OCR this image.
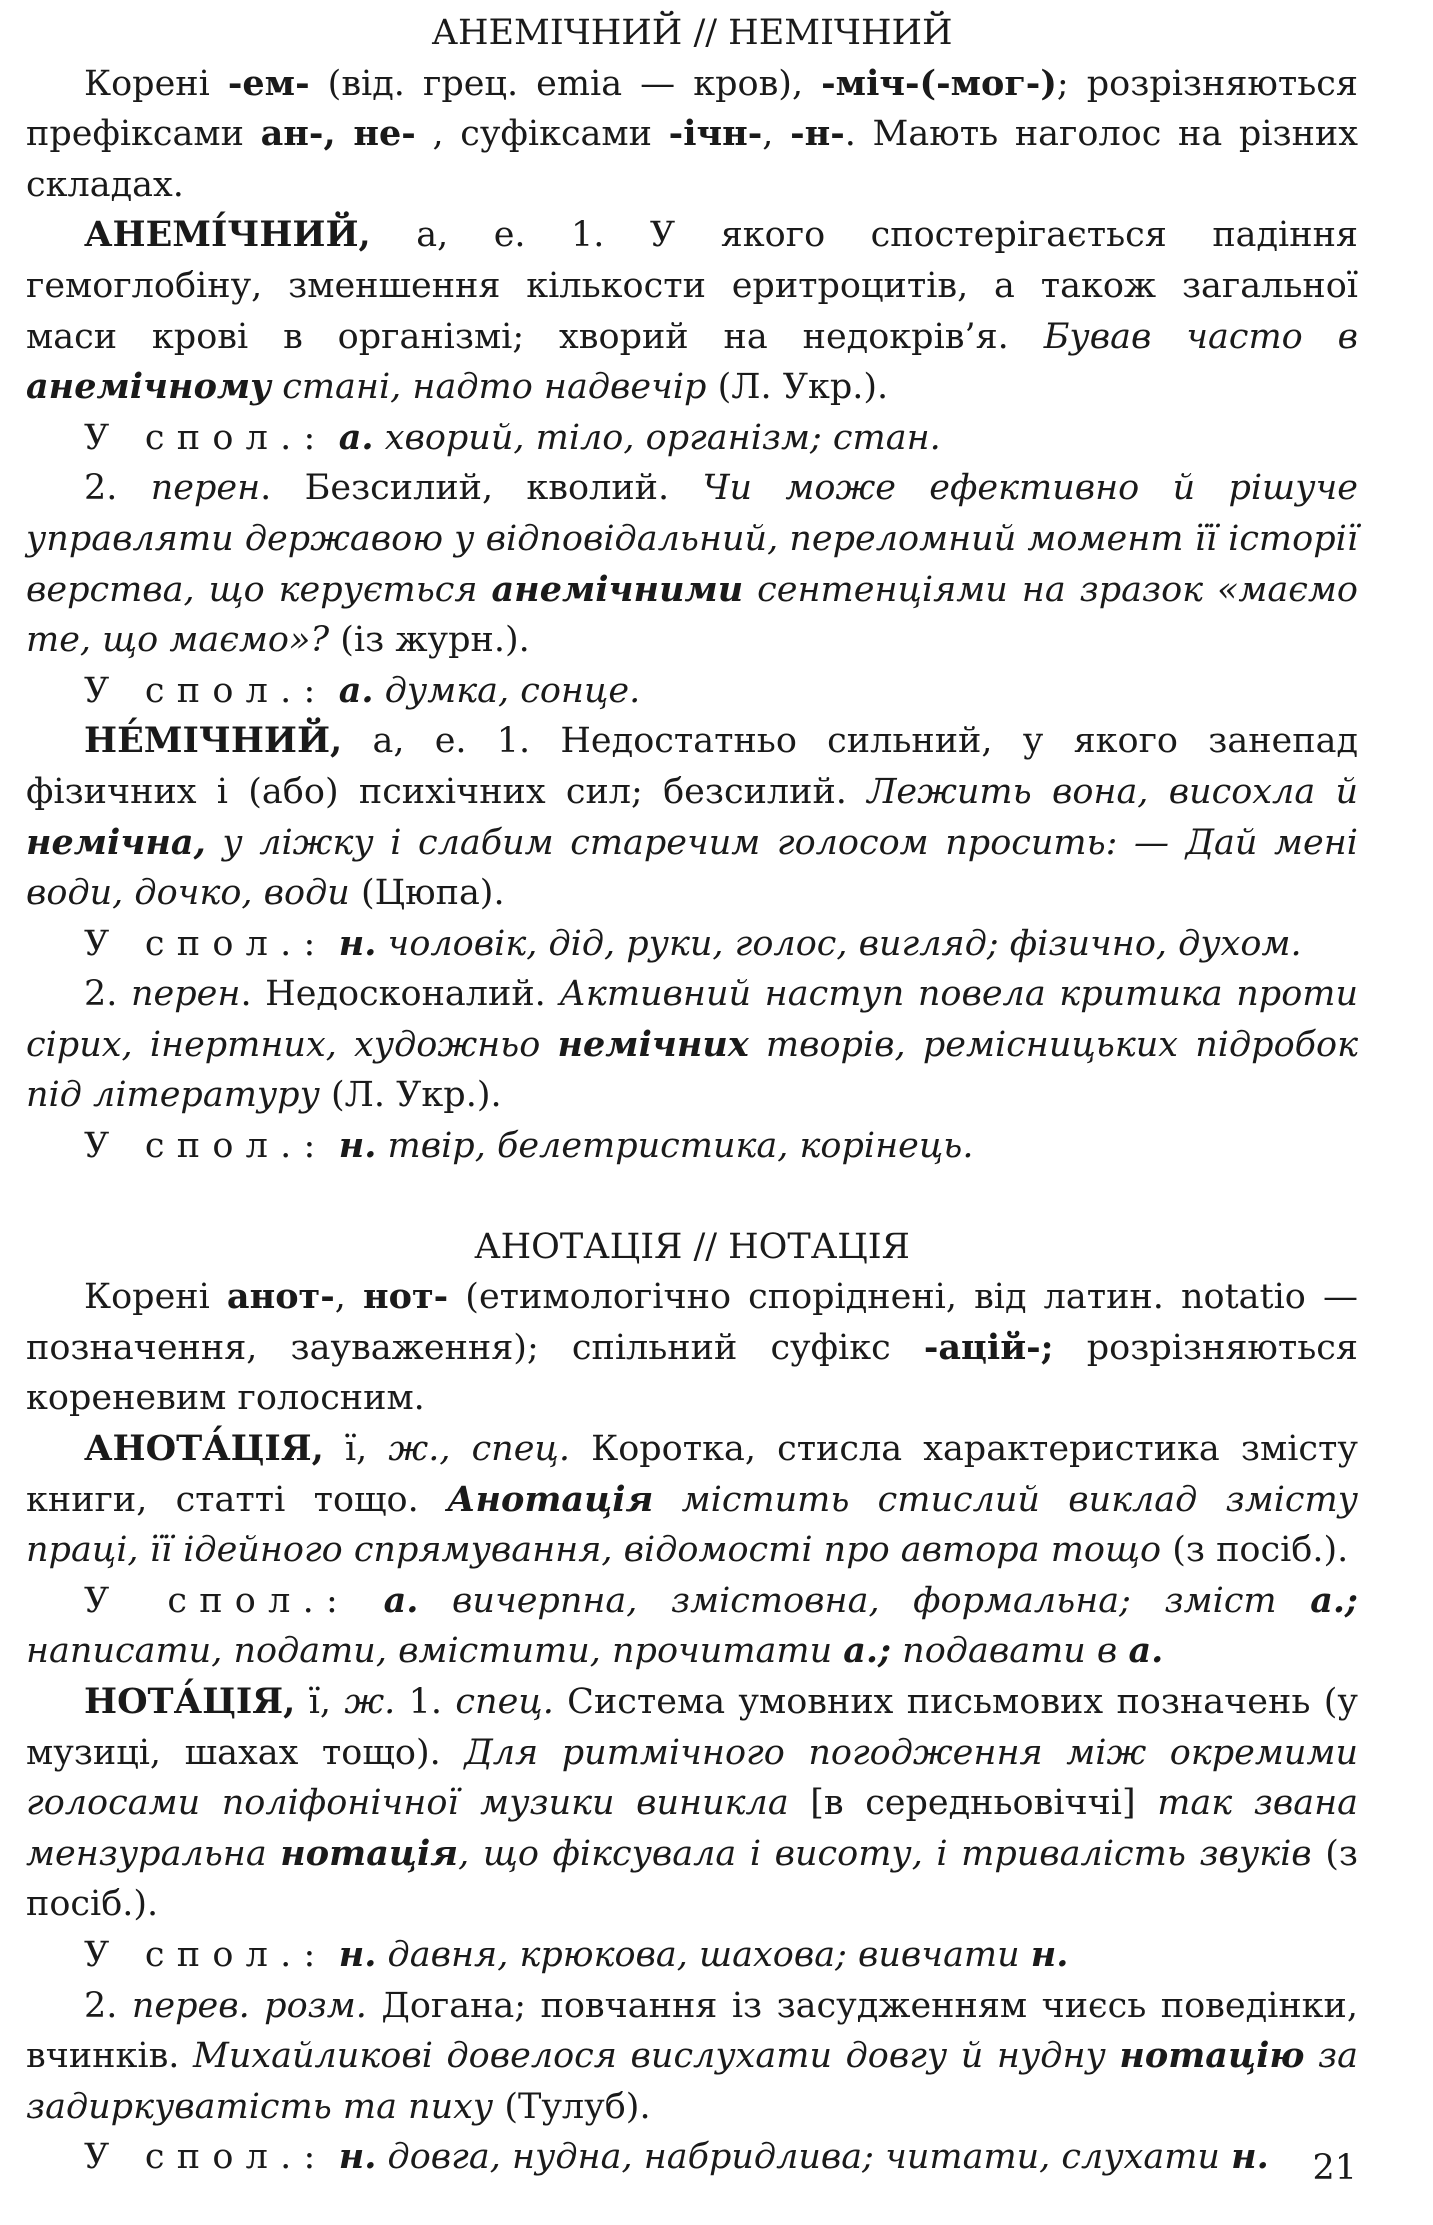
АНЕМІЧНИЙ // НЕМІЧНИЙ

Корені -ем- (від. грец. emia — кров), -міч-(-мог-); розрізняються префіксами ан-, не- , суфіксами -ічн-, -н-. Мають наголос на різних складах.

АНЕМІ́ЧНИЙ, а, е. 1. У якого спостерігається падіння гемоглобіну, зменшення кількости еритроцитів, а також загальної маси крові в організмі; хворий на недокрів’я. Бував часто в анемічному стані, надто надвечір (Л. Укр.).

У спол.: а. хворий, тіло, організм; стан.

2. перен. Безсилий, кволий. Чи може ефективно й рішуче управляти державою у відповідальний, переломний момент її історії верства, що керується анемічними сентенціями на зразок «маємо те, що маємо»? (із журн.).

У спол.: а. думка, сонце.

НЕ́МІЧНИЙ, а, е. 1. Недостатньо сильний, у якого занепад фізичних і (або) психічних сил; безсилий. Лежить вона, висохла й немічна, у ліжку і слабим старечим голосом просить: — Дай мені води, дочко, води (Цюпа).

У спол.: н. чоловік, дід, руки, голос, вигляд; фізично, духом.

2. перен. Недосконалий. Активний наступ повела критика проти сірих, інертних, художньо немічних творів, ремісницьких підробок під літературу (Л. Укр.).

У спол.: н. твір, белетристика, корінець.

АНОТАЦІЯ // НОТАЦІЯ

Корені анот-, нот- (етимологічно споріднені, від латин. notatio — позначення, зауваження); спільний суфікс -ацій-; розрізняються кореневим голосним.

АНОТА́ЦІЯ, ї, ж., спец. Коротка, стисла характеристика змісту книги, статті тощо. Анотація містить стислий виклад змісту праці, її ідейного спрямування, відомості про автора тощо (з посіб.).

У спол.: а. вичерпна, змістовна, формальна; зміст а.; написати, подати, вмістити, прочитати а.; подавати в а.

НОТА́ЦІЯ, ї, ж. 1. спец. Система умовних письмових позначень (у музиці, шахах тощо). Для ритмічного погодження між окремими голосами поліфонічної музики виникла [в середньовіччі] так звана мензуральна нотація, що фіксувала і висоту, і тривалість звуків (з посіб.).

У спол.: н. давня, крюкова, шахова; вивчати н.

2. перев. розм. Догана; повчання із засудженням чиєсь поведінки, вчинків. Михайликові довелося вислухати довгу й нудну нотацію за задиркуватість та пиху (Тулуб).

У спол.: н. довга, нудна, набридлива; читати, слухати н.	21
